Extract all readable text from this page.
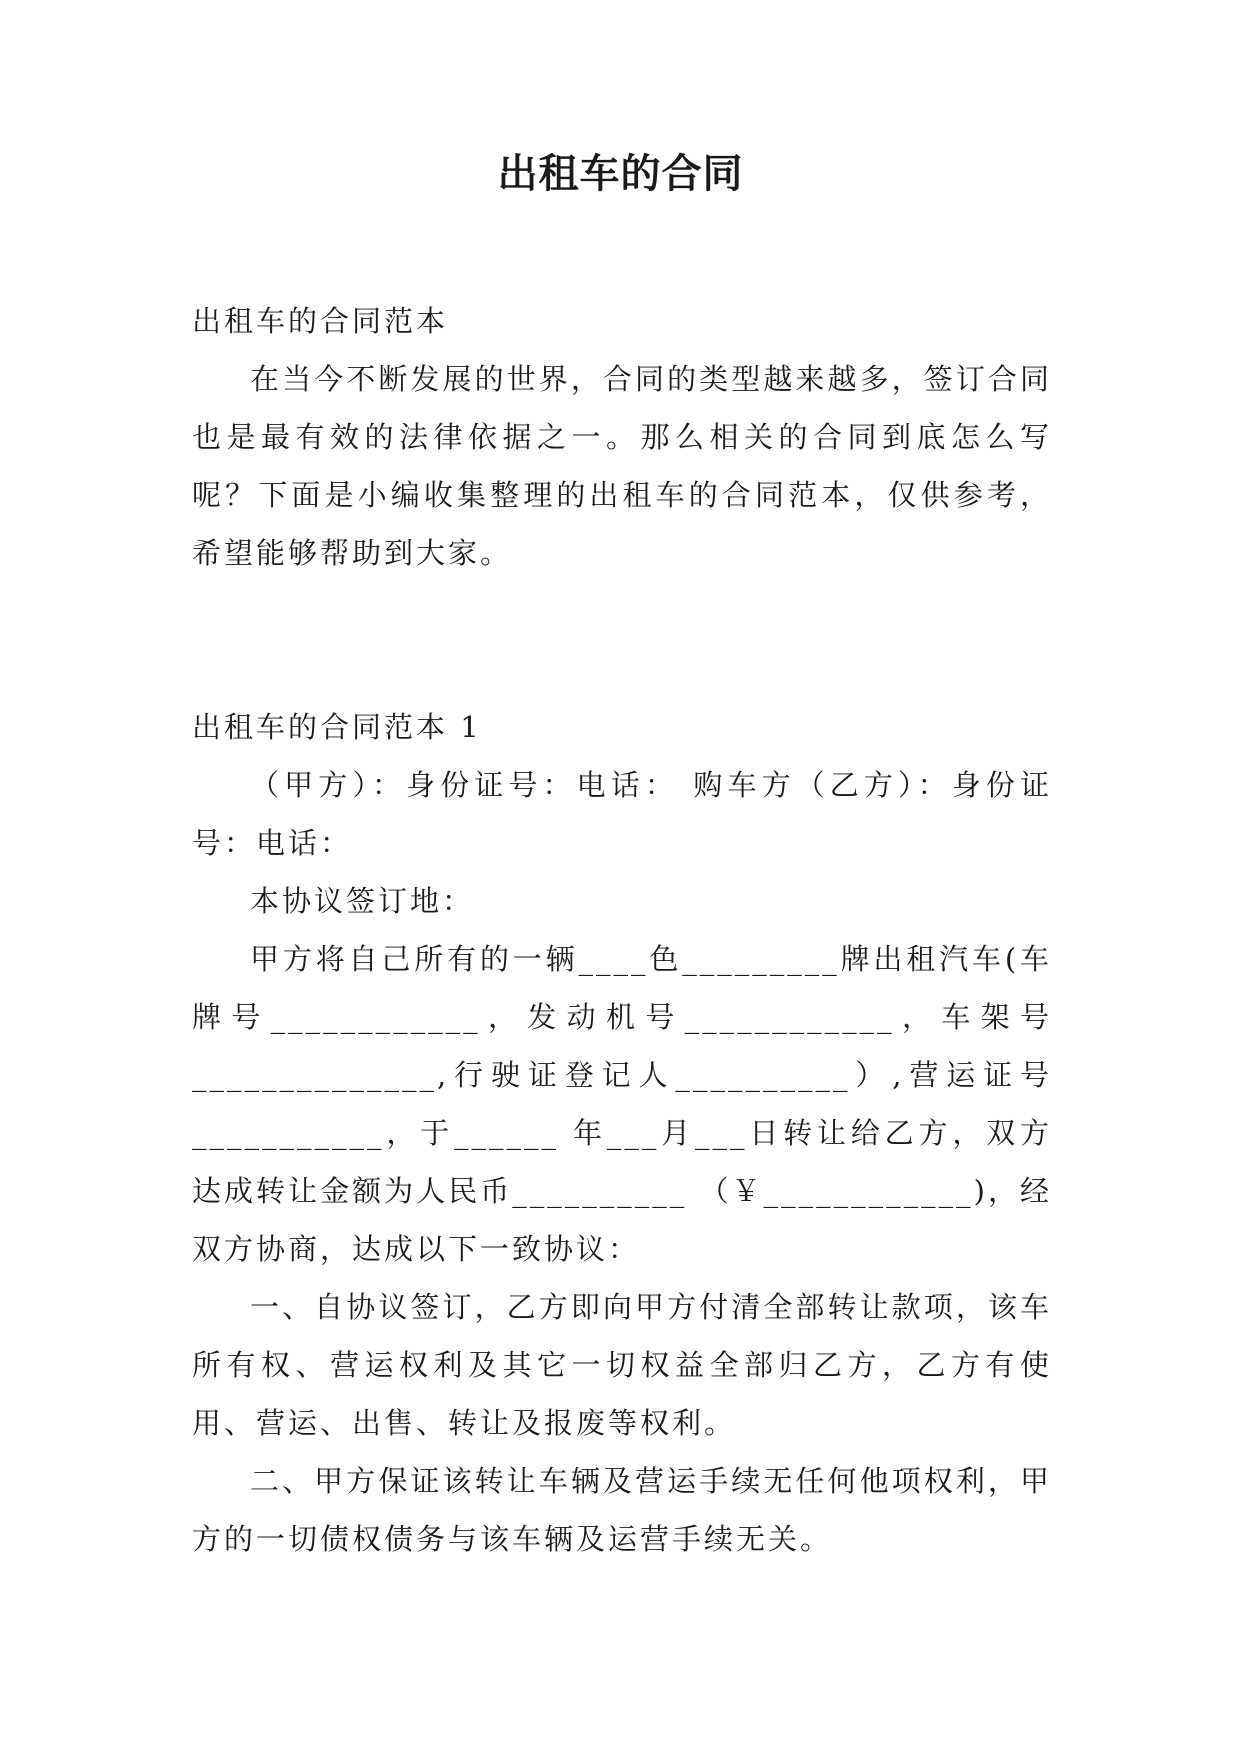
出租车的合同

出租车的合同范本

在当今不断发展的世界，合同的类型越来越多，签订合同也是最有效的法律依据之一。那么相关的合同到底怎么写呢？下面是小编收集整理的出租车的合同范本，仅供参考，希望能够帮助到大家。

出租车的合同范本 1

（甲方）：身份证号：电话： 购车方（乙方）：身份证号：电话：

本协议签订地：

甲方将自己所有的一辆____色_________牌出租汽车(车牌号____________，发动机号____________，车架号______________,行驶证登记人__________）,营运证号___________，于______ 年___月___日转让给乙方，双方达成转让金额为人民币__________ （￥____________)，经双方协商，达成以下一致协议：

一、自协议签订，乙方即向甲方付清全部转让款项，该车所有权、营运权利及其它一切权益全部归乙方，乙方有使用、营运、出售、转让及报废等权利。

二、甲方保证该转让车辆及营运手续无任何他项权利，甲方的一切债权债务与该车辆及运营手续无关。
